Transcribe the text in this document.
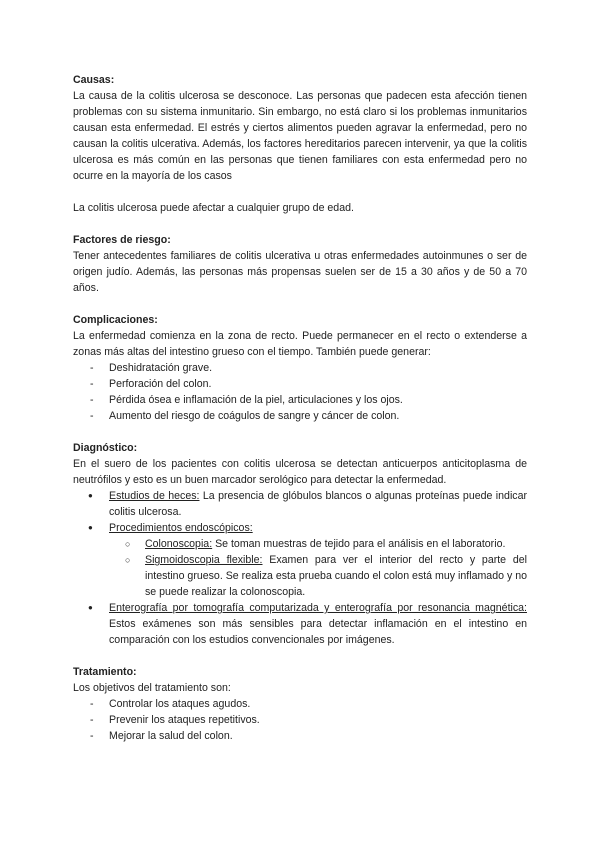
Causas:

La causa de la colitis ulcerosa se desconoce. Las personas que padecen esta afección tienen problemas con su sistema inmunitario. Sin embargo, no está claro si los problemas inmunitarios causan esta enfermedad. El estrés y ciertos alimentos pueden agravar la enfermedad, pero no causan la colitis ulcerativa. Además, los factores hereditarios parecen intervenir, ya que la colitis ulcerosa es más común en las personas que tienen familiares con esta enfermedad pero no ocurre en la mayoría de los casos

La colitis ulcerosa puede afectar a cualquier grupo de edad.

Factores de riesgo:

Tener antecedentes familiares de colitis ulcerativa u otras enfermedades autoinmunes o ser de origen judío. Además, las personas más propensas suelen ser de 15 a 30 años y de 50 a 70 años.

Complicaciones:

La enfermedad comienza en la zona de recto. Puede permanecer en el recto o extenderse a zonas más altas del intestino grueso con el tiempo. También puede generar:

- Deshidratación grave.
- Perforación del colon.
- Pérdida ósea e inflamación de la piel, articulaciones y los ojos.
- Aumento del riesgo de coágulos de sangre y cáncer de colon.

Diagnóstico:

En el suero de los pacientes con colitis ulcerosa se detectan anticuerpos anticitoplasma de neutrófilos y esto es un buen marcador serológico para detectar la enfermedad.

● Estudios de heces: La presencia de glóbulos blancos o algunas proteínas puede indicar colitis ulcerosa.
● Procedimientos endoscópicos:
○ Colonoscopia: Se toman muestras de tejido para el análisis en el laboratorio.
○ Sigmoidoscopia flexible: Examen para ver el interior del recto y parte del intestino grueso. Se realiza esta prueba cuando el colon está muy inflamado y no se puede realizar la colonoscopia.
● Enterografía por tomografía computarizada y enterografía por resonancia magnética: Estos exámenes son más sensibles para detectar inflamación en el intestino en comparación con los estudios convencionales por imágenes.

Tratamiento:

Los objetivos del tratamiento son:

- Controlar los ataques agudos.
- Prevenir los ataques repetitivos.
- Mejorar la salud del colon.
